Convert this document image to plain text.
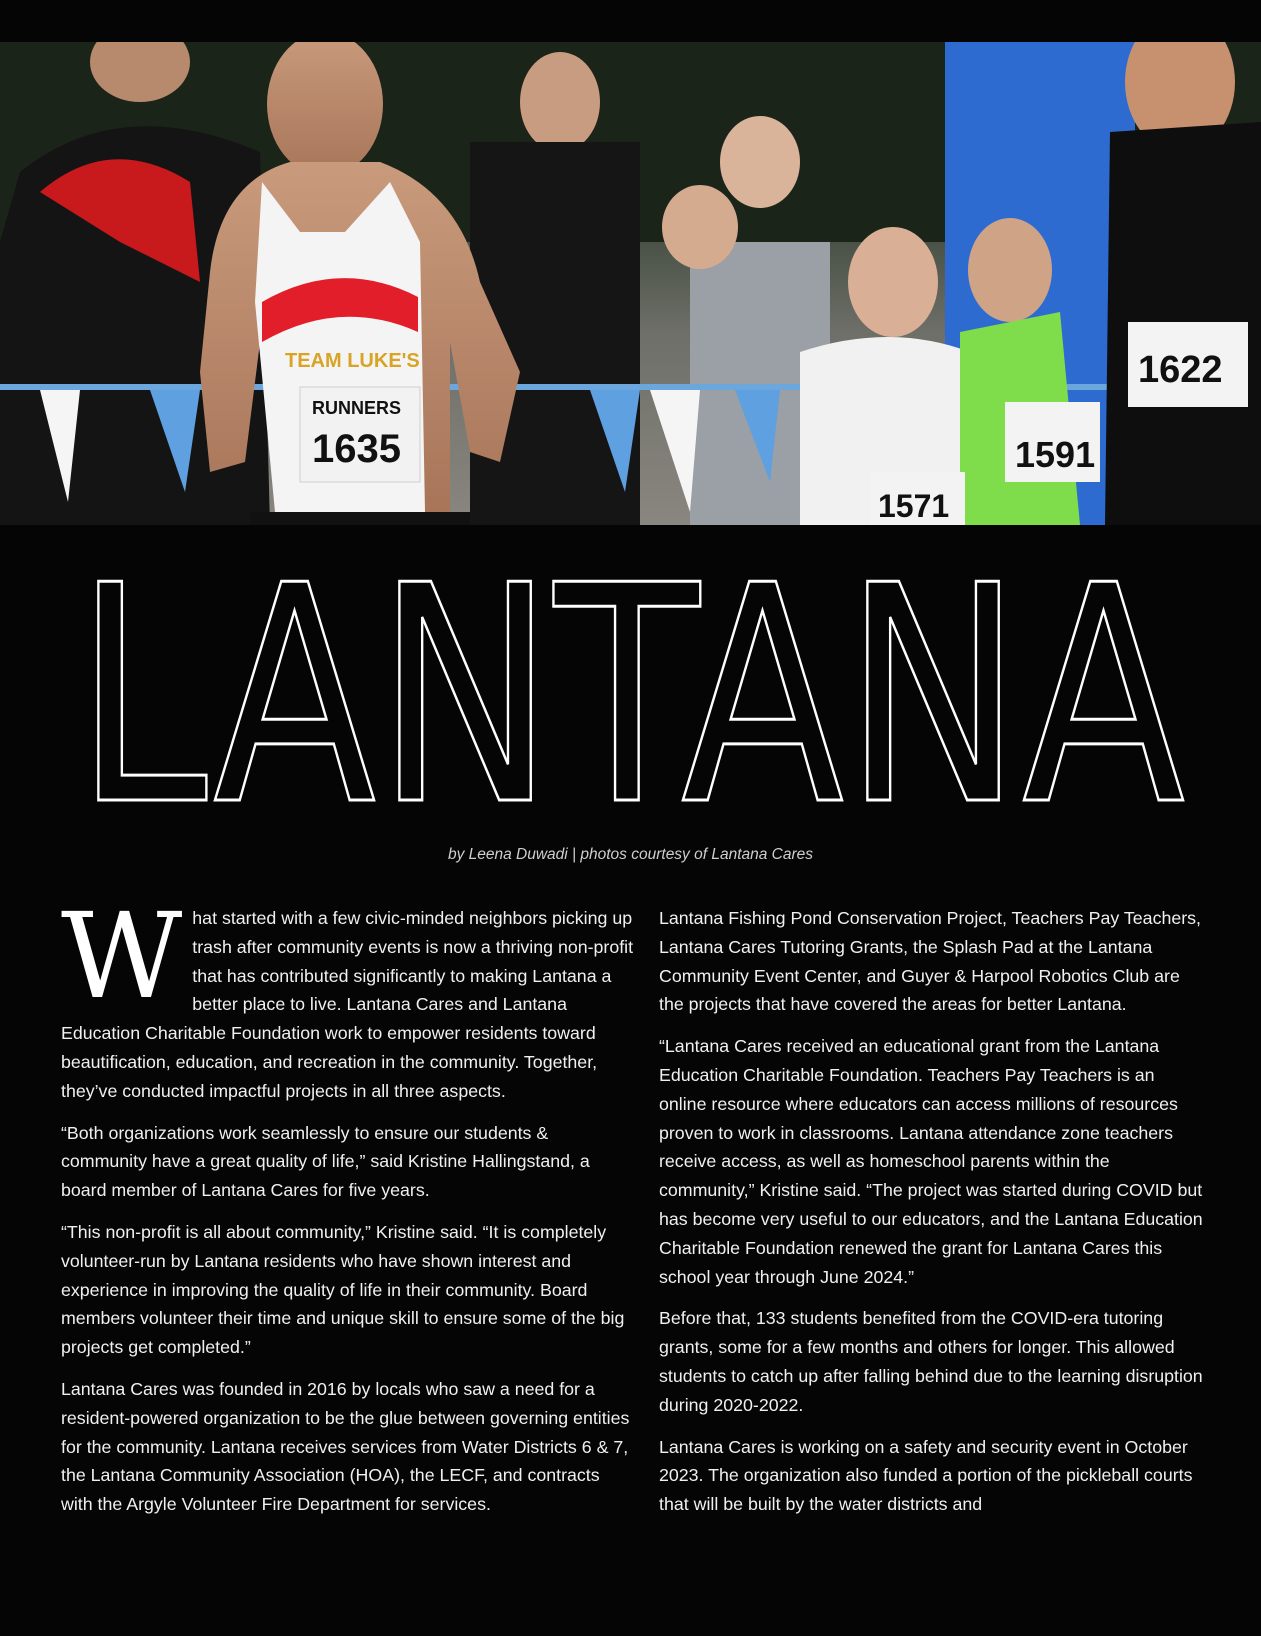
TEAM LUKE'S
RUNNERS
1635	1591
1571
1622
LANTANA
by Leena Duwadi | photos courtesy of Lantana Cares

What started with a few civic-minded neighbors picking up trash after community events is now a thriving non-profit that has contributed significantly to making Lantana a better place to live. Lantana Cares and Lantana Education Charitable Foundation work to empower residents toward beautification, education, and recreation in the community. Together, they’ve conducted impactful projects in all three aspects.

“Both organizations work seamlessly to ensure our students & community have a great quality of life,” said Kristine Hallingstand, a board member of Lantana Cares for five years.

“This non-profit is all about community,” Kristine said. “It is completely volunteer-run by Lantana residents who have shown interest and experience in improving the quality of life in their community. Board members volunteer their time and unique skill to ensure some of the big projects get completed.”

Lantana Cares was founded in 2016 by locals who saw a need for a resident-powered organization to be the glue between governing entities for the community. Lantana receives services from Water Districts 6 & 7, the Lantana Community Association (HOA), the LECF, and contracts with the Argyle Volunteer Fire Department for services.

Lantana Fishing Pond Conservation Project, Teachers Pay Teachers, Lantana Cares Tutoring Grants, the Splash Pad at the Lantana Community Event Center, and Guyer & Harpool Robotics Club are the projects that have covered the areas for better Lantana.

“Lantana Cares received an educational grant from the Lantana Education Charitable Foundation. Teachers Pay Teachers is an online resource where educators can access millions of resources proven to work in classrooms. Lantana attendance zone teachers receive access, as well as homeschool parents within the community,” Kristine said. “The project was started during COVID but has become very useful to our educators, and the Lantana Education Charitable Foundation renewed the grant for Lantana Cares this school year through June 2024.”

Before that, 133 students benefited from the COVID-era tutoring grants, some for a few months and others for longer. This allowed students to catch up after falling behind due to the learning disruption during 2020-2022.

Lantana Cares is working on a safety and security event in October 2023. The organization also funded a portion of the pickleball courts that will be built by the water districts and
